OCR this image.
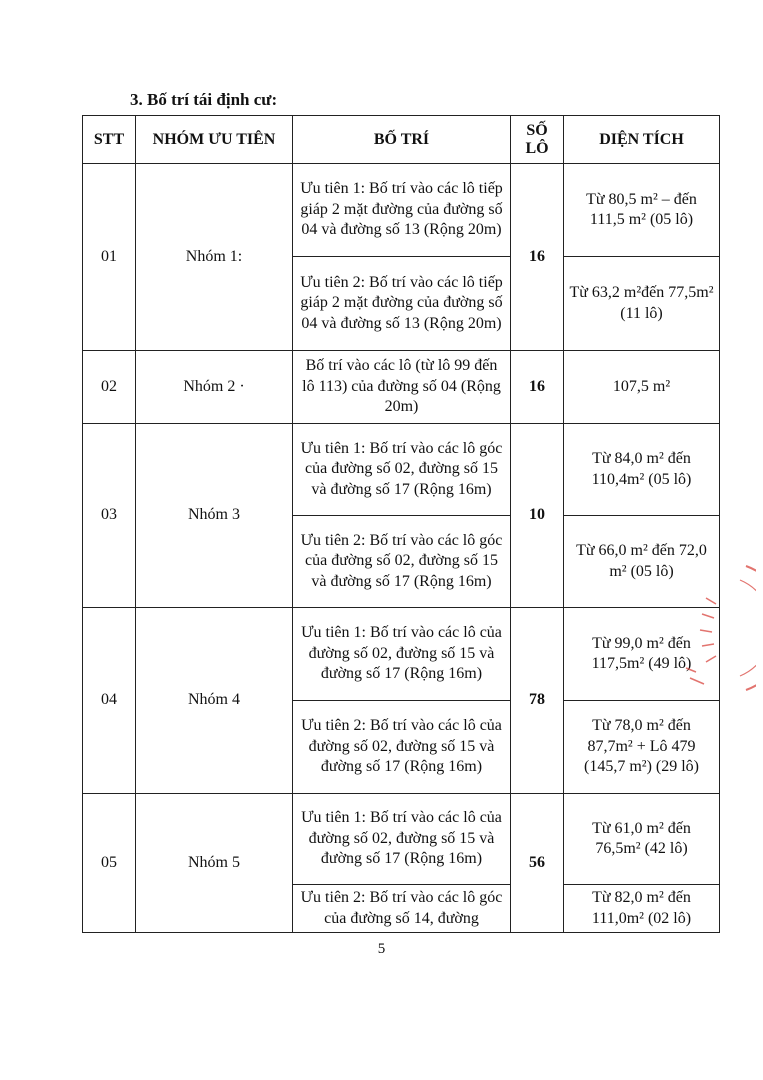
3. Bố trí tái định cư:
STT	NHÓM ƯU TIÊN	BỐ TRÍ	SỐ LÔ	DIỆN TÍCH
01	Nhóm 1:	Ưu tiên 1: Bố trí vào các lô tiếp giáp 2 mặt đường của đường số 04 và đường số 13 (Rộng 20m)	16	Từ 80,5 m² – đến 111,5 m² (05 lô)
		Ưu tiên 2: Bố trí vào các lô tiếp giáp 2 mặt đường của đường số 04 và đường số 13 (Rộng 20m)		Từ 63,2 m²đến 77,5m² (11 lô)
02	Nhóm 2 ·	Bố trí vào các lô (từ lô 99 đến lô 113) của đường số 04 (Rộng 20m)	16	107,5 m²
03	Nhóm 3	Ưu tiên 1: Bố trí vào các lô góc của đường số 02, đường số 15 và đường số 17 (Rộng 16m)	10	Từ 84,0 m² đến 110,4m² (05 lô)
		Ưu tiên 2: Bố trí vào các lô góc của đường số 02, đường số 15 và đường số 17 (Rộng 16m)		Từ 66,0 m² đến 72,0 m² (05 lô)
04	Nhóm 4	Ưu tiên 1: Bố trí vào các lô của đường số 02, đường số 15 và đường số 17 (Rộng 16m)	78	Từ 99,0 m² đến 117,5m² (49 lô)
		Ưu tiên 2: Bố trí vào các lô của đường số 02, đường số 15 và đường số 17 (Rộng 16m)		Từ 78,0 m² đến 87,7m² + Lô 479 (145,7 m²) (29 lô)
05	Nhóm 5	Ưu tiên 1: Bố trí vào các lô của đường số 02, đường số 15 và đường số 17 (Rộng 16m)	56	Từ 61,0 m² đến 76,5m² (42 lô)
		Ưu tiên 2: Bố trí vào các lô góc của đường số 14, đường		Từ 82,0 m² đến 111,0m² (02 lô)
5
